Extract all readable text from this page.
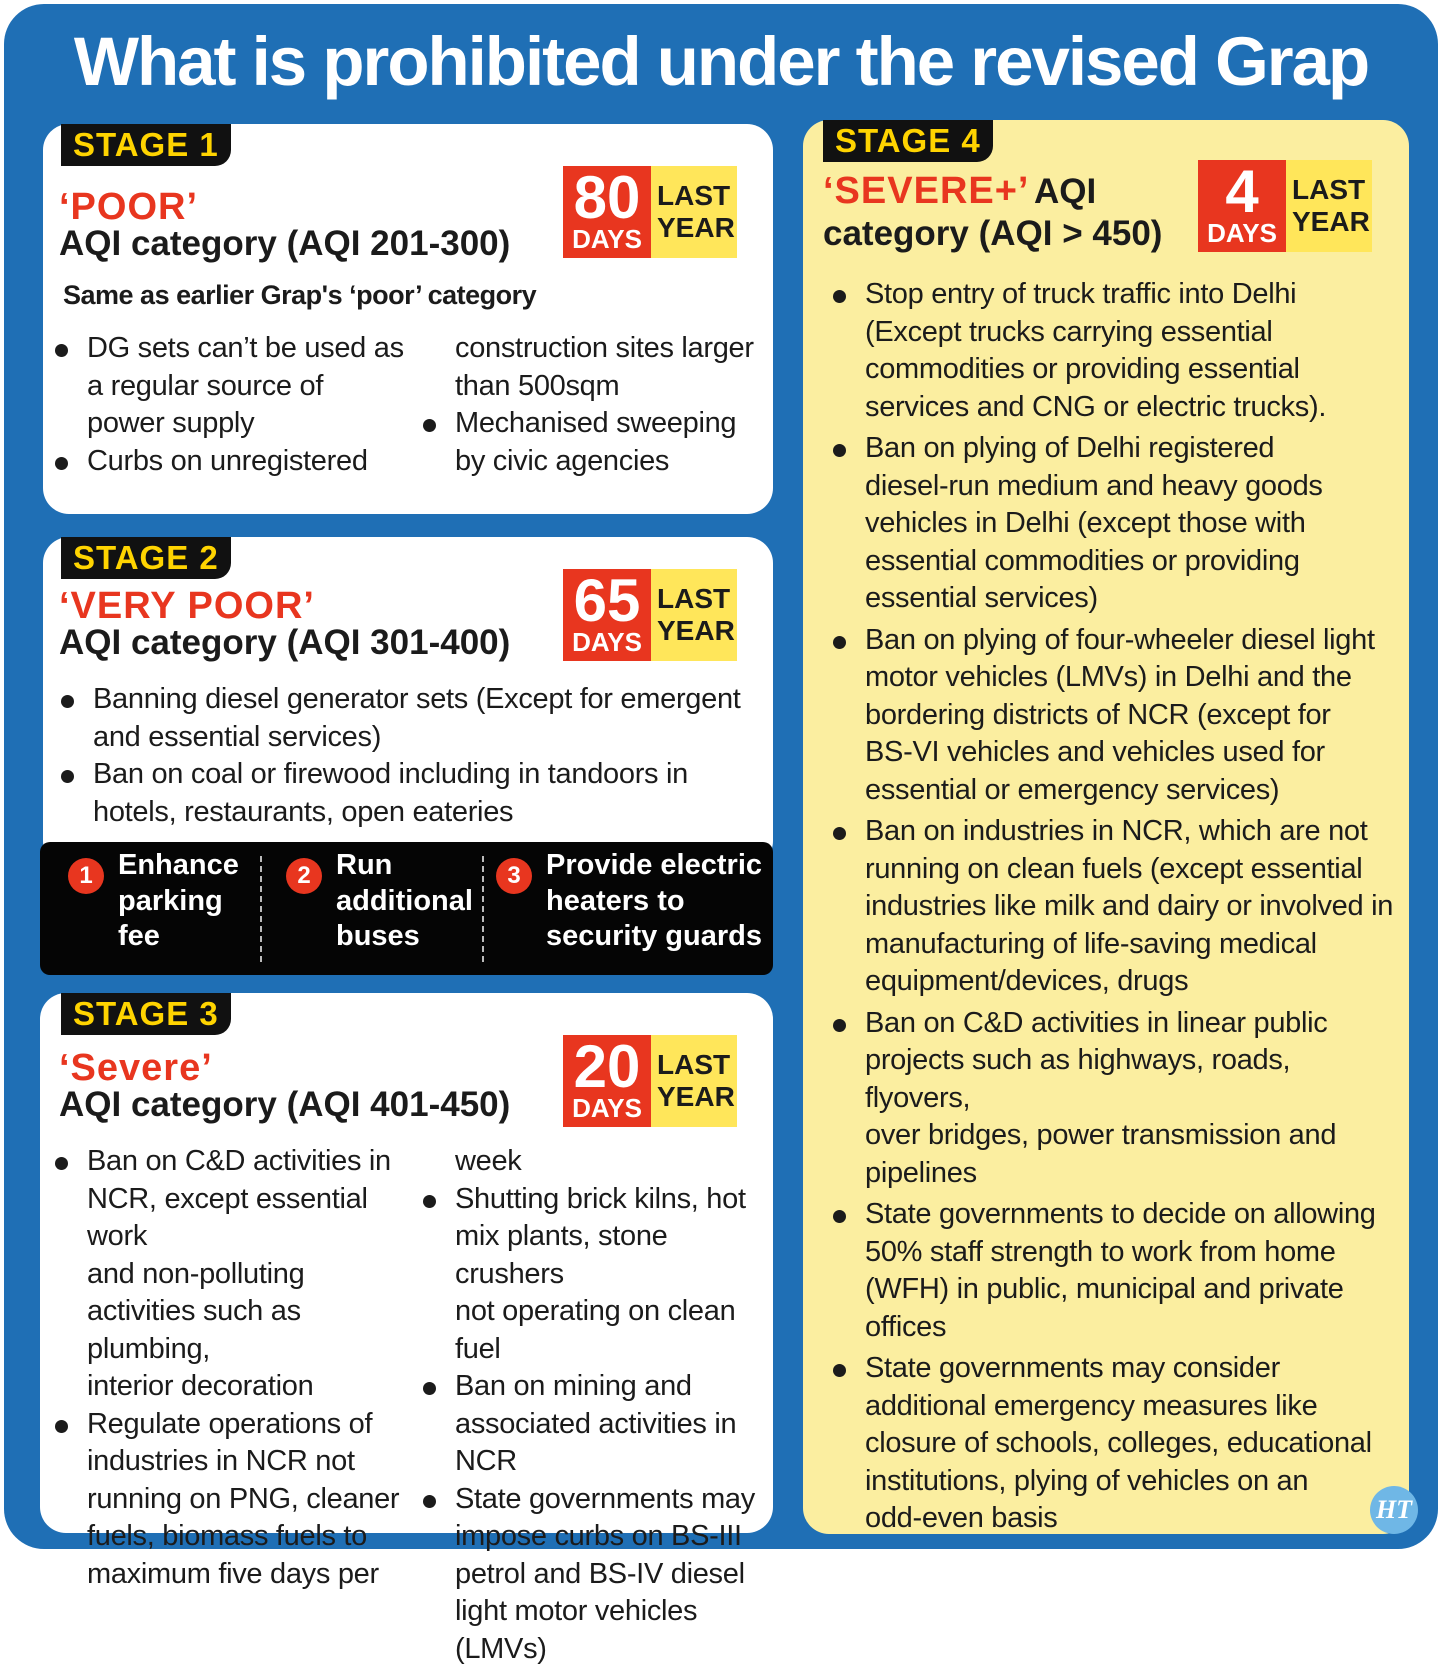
What is prohibited under the revised Grap
STAGE 1
‘POOR’
AQI category (AQI 201-300)
80
DAYS
LAST
YEAR
Same as earlier Grap's ‘poor’ category
DG sets can’t be used as
a regular source of
power supply
Curbs on unregistered
construction sites larger
than 500sqm
Mechanised sweeping
by civic agencies
STAGE 2
‘VERY POOR’
AQI category (AQI 301-400)
65
DAYS
LAST
YEAR
Banning diesel generator sets (Except for emergent
and essential services)
Ban on coal or firewood including in tandoors in
hotels, restaurants, open eateries
1 Enhance
parking
fee
2 Run
additional
buses
3 Provide electric
heaters to
security guards
STAGE 3
‘Severe’
AQI category (AQI 401-450)
20
DAYS
LAST
YEAR
Ban on C&D activities in
NCR, except essential work
and non-polluting
activities such as plumbing,
interior decoration
Regulate operations of
industries in NCR not
running on PNG, cleaner
fuels, biomass fuels to
maximum five days per
week
Shutting brick kilns, hot
mix plants, stone crushers
not operating on clean fuel
Ban on mining and
associated activities in NCR
State governments may
impose curbs on BS-III
petrol and BS-IV diesel
light motor vehicles (LMVs)
STAGE 4
‘SEVERE+’ AQI
category (AQI > 450)
4
DAYS
LAST
YEAR
Stop entry of truck traffic into Delhi
(Except trucks carrying essential
commodities or providing essential
services and CNG or electric trucks).
Ban on plying of Delhi registered
diesel-run medium and heavy goods
vehicles in Delhi (except those with
essential commodities or providing
essential services)
Ban on plying of four-wheeler diesel light
motor vehicles (LMVs) in Delhi and the
bordering districts of NCR (except for
BS-VI vehicles and vehicles used for
essential or emergency services)
Ban on industries in NCR, which are not
running on clean fuels (except essential
industries like milk and dairy or involved in
manufacturing of life-saving medical
equipment/devices, drugs
Ban on C&D activities in linear public
projects such as highways, roads, flyovers,
over bridges, power transmission and
pipelines
State governments to decide on allowing
50% staff strength to work from home
(WFH) in public, municipal and private
offices
State governments may consider
additional emergency measures like
closure of schools, colleges, educational
institutions, plying of vehicles on an
odd-even basis	HT
